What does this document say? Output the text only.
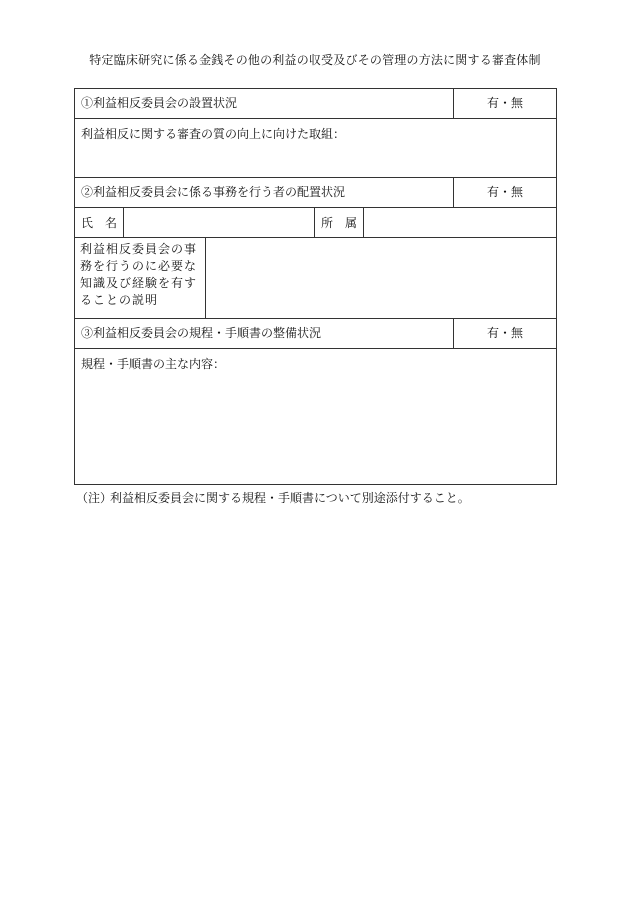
特定臨床研究に係る金銭その他の利益の収受及びその管理の方法に関する審査体制
①利益相反委員会の設置状況	有・無
利益相反に関する審査の質の向上に向けた取組：
②利益相反委員会に係る事務を行う者の配置状況	有・無
氏　名	所　属
利益相反委員会の事務を行うのに必要な知識及び経験を有することの説明
③利益相反委員会の規程・手順書の整備状況	有・無
規程・手順書の主な内容：
（注）利益相反委員会に関する規程・手順書について別途添付すること。
